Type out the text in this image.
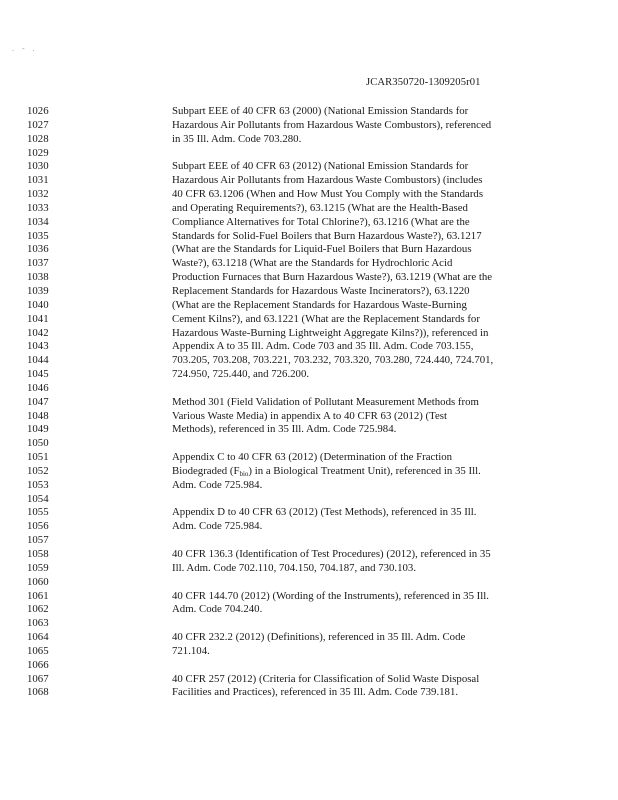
. - .
JCAR350720-1309205r01
1026
1027
1028
1029
1030
1031
1032
1033
1034
1035
1036
1037
1038
1039
1040
1041
1042
1043
1044
1045
1046
1047
1048
1049
1050
1051
1052
1053
1054
1055
1056
1057
1058
1059
1060
1061
1062
1063
1064
1065
1066
1067
1068
Subpart EEE of 40 CFR 63 (2000) (National Emission Standards for
Hazardous Air Pollutants from Hazardous Waste Combustors), referenced
in 35 Ill. Adm. Code 703.280.
Subpart EEE of 40 CFR 63 (2012) (National Emission Standards for
Hazardous Air Pollutants from Hazardous Waste Combustors) (includes
40 CFR 63.1206 (When and How Must You Comply with the Standards
and Operating Requirements?), 63.1215 (What are the Health-Based
Compliance Alternatives for Total Chlorine?), 63.1216 (What are the
Standards for Solid-Fuel Boilers that Burn Hazardous Waste?), 63.1217
(What are the Standards for Liquid-Fuel Boilers that Burn Hazardous
Waste?), 63.1218 (What are the Standards for Hydrochloric Acid
Production Furnaces that Burn Hazardous Waste?), 63.1219 (What are the
Replacement Standards for Hazardous Waste Incinerators?), 63.1220
(What are the Replacement Standards for Hazardous Waste-Burning
Cement Kilns?), and 63.1221 (What are the Replacement Standards for
Hazardous Waste-Burning Lightweight Aggregate Kilns?)), referenced in
Appendix A to 35 Ill. Adm. Code 703 and 35 Ill. Adm. Code 703.155,
703.205, 703.208, 703.221, 703.232, 703.320, 703.280, 724.440, 724.701,
724.950, 725.440, and 726.200.
Method 301 (Field Validation of Pollutant Measurement Methods from
Various Waste Media) in appendix A to 40 CFR 63 (2012) (Test
Methods), referenced in 35 Ill. Adm. Code 725.984.
Appendix C to 40 CFR 63 (2012) (Determination of the Fraction
Biodegraded $(F_{bio})$ in a Biological Treatment Unit), referenced in 35 Ill.
Adm. Code 725.984.
Appendix D to 40 CFR 63 (2012) (Test Methods), referenced in 35 Ill.
Adm. Code 725.984.
40 CFR 136.3 (Identification of Test Procedures) (2012), referenced in 35
Ill. Adm. Code 702.110, 704.150, 704.187, and 730.103.
40 CFR 144.70 (2012) (Wording of the Instruments), referenced in 35 Ill.
Adm. Code 704.240.
40 CFR 232.2 (2012) (Definitions), referenced in 35 Ill. Adm. Code
721.104.
40 CFR 257 (2012) (Criteria for Classification of Solid Waste Disposal
Facilities and Practices), referenced in 35 Ill. Adm. Code 739.181.
